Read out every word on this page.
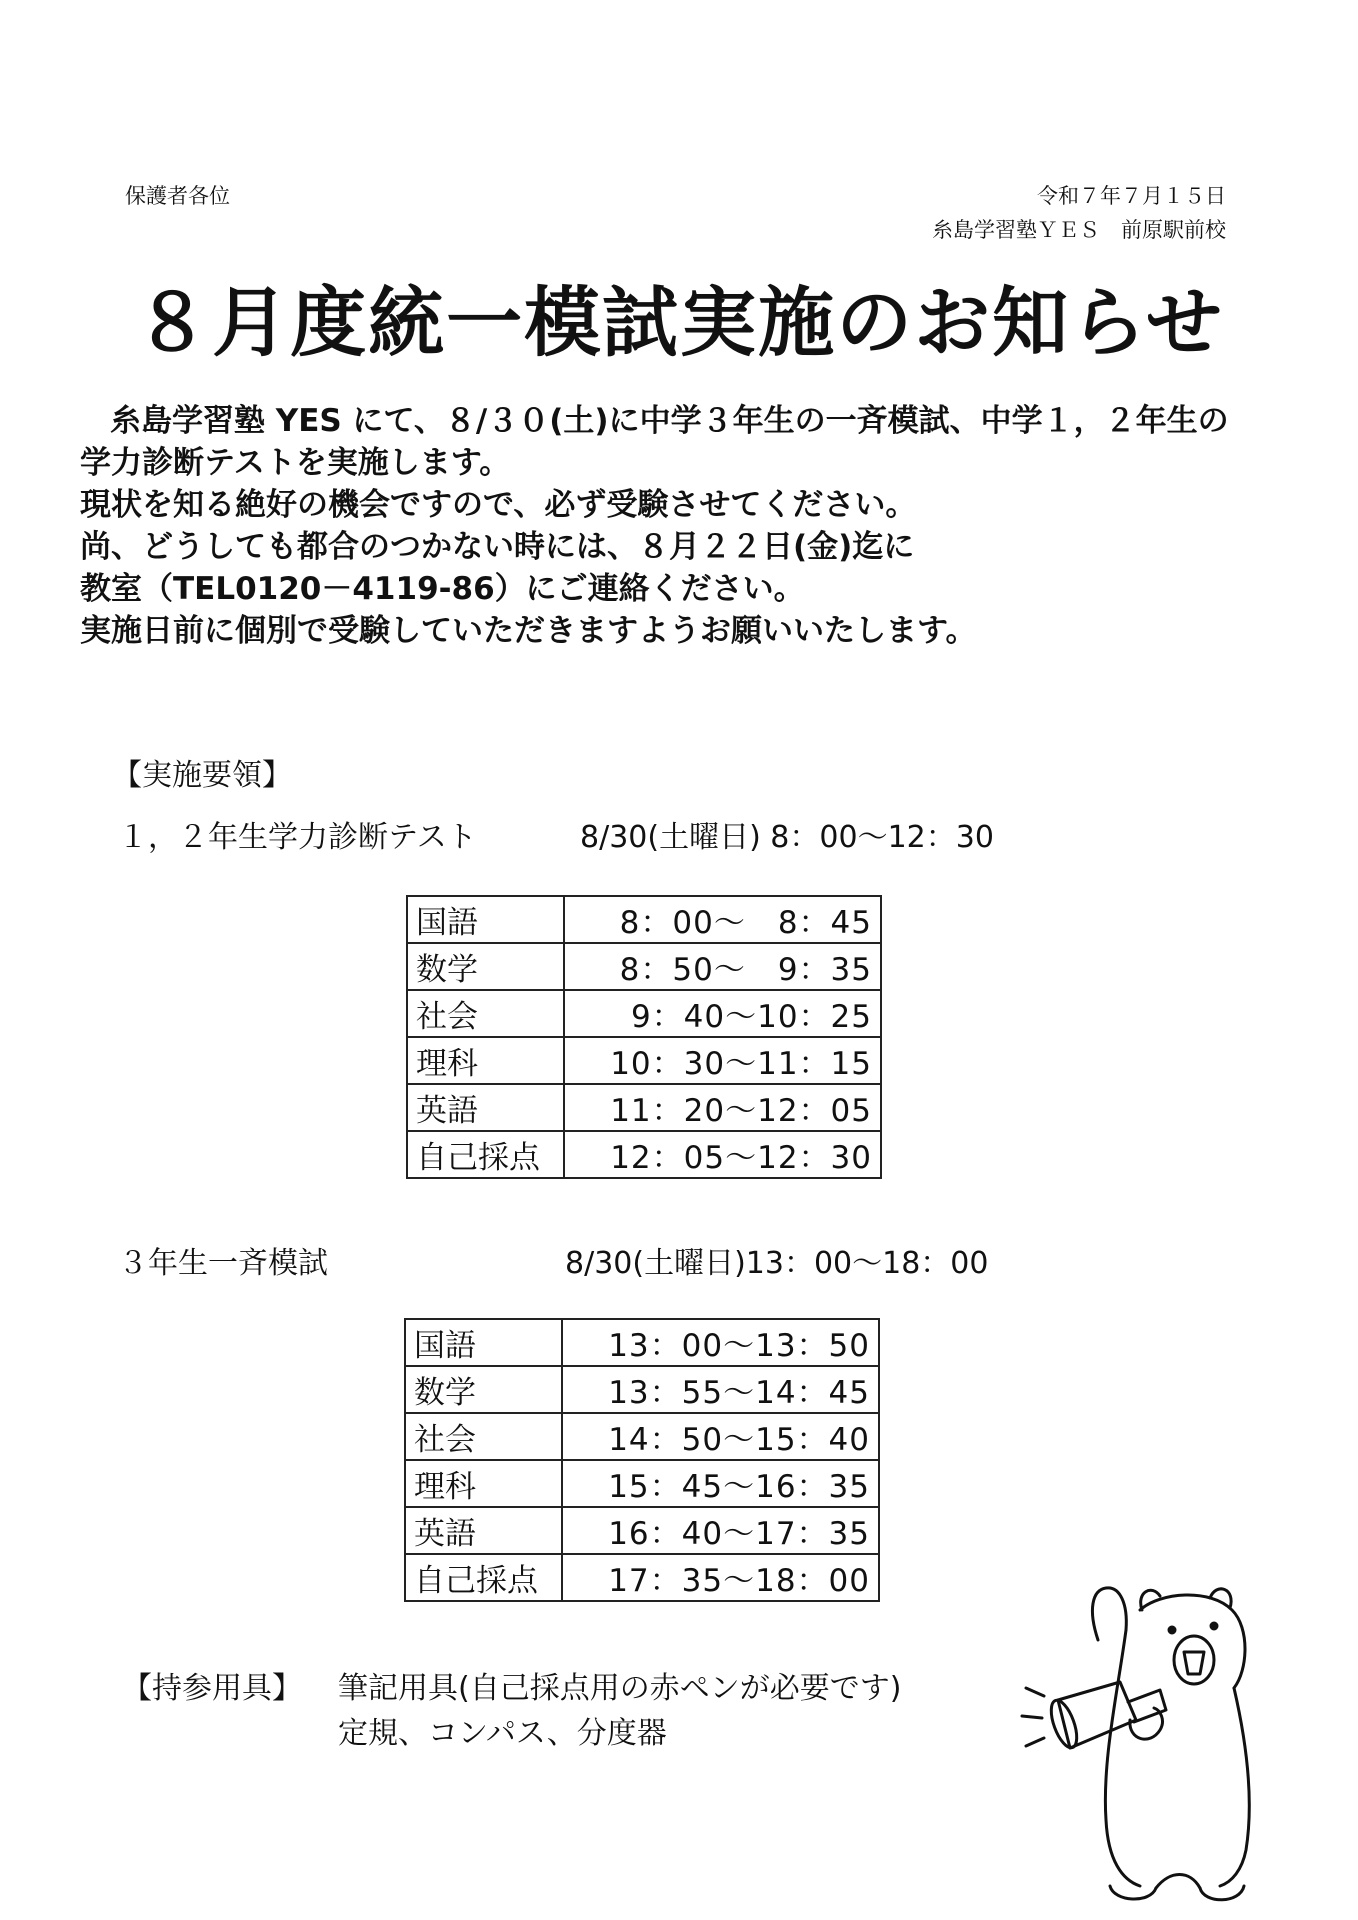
保護者各位	令和７年７月１５日
糸島学習塾ＹＥＳ　前原駅前校
８月度統一模試実施のお知らせ
糸島学習塾 YES にて、８/３０(土)に中学３年生の一斉模試、中学１，２年生の
学力診断テストを実施します。
現状を知る絶好の機会ですので、必ず受験させてください。
尚、どうしても都合のつかない時には、８月２２日(金)迄に
教室（TEL0120－4119-86）にご連絡ください。
実施日前に個別で受験していただきますようお願いいたします。
【実施要領】
１，２年生学力診断テスト	8/30(土曜日) 8：00～12：30
国語	8：00～　8：45
数学	8：50～　9：35
社会	9：40～10：25
理科	10：30～11：15
英語	11：20～12：05
自己採点	12：05～12：30
３年生一斉模試	8/30(土曜日)13：00～18：00
国語	13：00～13：50
数学	13：55～14：45
社会	14：50～15：40
理科	15：45～16：35
英語	16：40～17：35
自己採点	17：35～18：00
【持参用具】 筆記用具(自己採点用の赤ペンが必要です)
定規、コンパス、分度器
